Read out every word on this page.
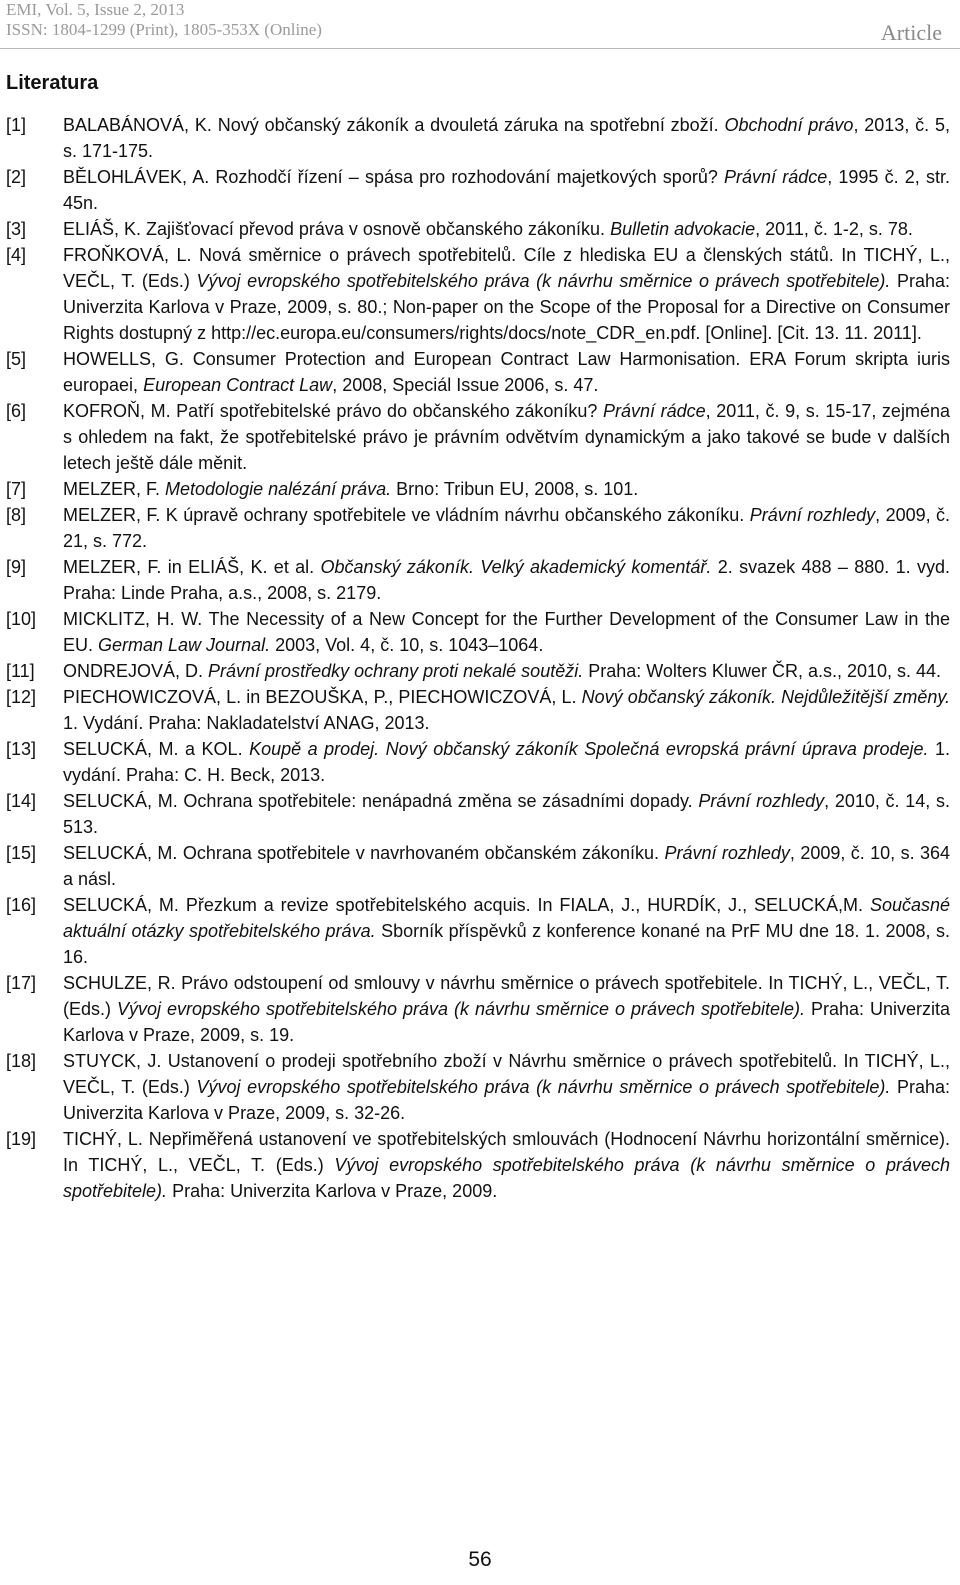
EMI, Vol. 5, Issue 2, 2013
ISSN: 1804-1299 (Print), 1805-353X (Online)	Article
Literatura
[1] BALABÁNOVÁ, K. Nový občanský zákoník a dvouletá záruka na spotřební zboží. Obchodní právo, 2013, č. 5, s. 171-175.
[2] BĚLOHLÁVEK, A. Rozhodčí řízení – spása pro rozhodování majetkových sporů? Právní rádce, 1995 č. 2, str. 45n.
[3] ELIÁŠ, K. Zajišťovací převod práva v osnově občanského zákoníku. Bulletin advokacie, 2011, č. 1-2, s. 78.
[4] FROŇKOVÁ, L. Nová směrnice o právech spotřebitelů. Cíle z hlediska EU a členských států. In TICHÝ, L., VEČL, T. (Eds.) Vývoj evropského spotřebitelského práva (k návrhu směrnice o právech spotřebitele). Praha: Univerzita Karlova v Praze, 2009, s. 80.; Non-paper on the Scope of the Proposal for a Directive on Consumer Rights dostupný z http://ec.europa.eu/consumers/rights/docs/note_CDR_en.pdf. [Online]. [Cit. 13. 11. 2011].
[5] HOWELLS, G. Consumer Protection and European Contract Law Harmonisation. ERA Forum skripta iuris europaei, European Contract Law, 2008, Speciál Issue 2006, s. 47.
[6] KOFROŇ, M. Patří spotřebitelské právo do občanského zákoníku? Právní rádce, 2011, č. 9, s. 15-17, zejména s ohledem na fakt, že spotřebitelské právo je právním odvětvím dynamickým a jako takové se bude v dalších letech ještě dále měnit.
[7] MELZER, F. Metodologie nalézání práva. Brno: Tribun EU, 2008, s. 101.
[8] MELZER, F. K úpravě ochrany spotřebitele ve vládním návrhu občanského zákoníku. Právní rozhledy, 2009, č. 21, s. 772.
[9] MELZER, F. in ELIÁŠ, K. et al. Občanský zákoník. Velký akademický komentář. 2. svazek 488 – 880. 1. vyd. Praha: Linde Praha, a.s., 2008, s. 2179.
[10] MICKLITZ, H. W. The Necessity of a New Concept for the Further Development of the Consumer Law in the EU. German Law Journal. 2003, Vol. 4, č. 10, s. 1043–1064.
[11] ONDREJOVÁ, D. Právní prostředky ochrany proti nekalé soutěži. Praha: Wolters Kluwer ČR, a.s., 2010, s. 44.
[12] PIECHOWICZOVÁ, L. in BEZOUŠKA, P., PIECHOWICZOVÁ, L. Nový občanský zákoník. Nejdůležitější změny. 1. Vydání. Praha: Nakladatelství ANAG, 2013.
[13] SELUCKÁ, M. a KOL. Koupě a prodej. Nový občanský zákoník Společná evropská právní úprava prodeje. 1. vydání. Praha: C. H. Beck, 2013.
[14] SELUCKÁ, M. Ochrana spotřebitele: nenápadná změna se zásadními dopady. Právní rozhledy, 2010, č. 14, s. 513.
[15] SELUCKÁ, M. Ochrana spotřebitele v navrhovaném občanském zákoníku. Právní rozhledy, 2009, č. 10, s. 364 a násl.
[16] SELUCKÁ, M. Přezkum a revize spotřebitelského acquis. In FIALA, J., HURDÍK, J., SELUCKÁ,M. Současné aktuální otázky spotřebitelského práva. Sborník příspěvků z konference konané na PrF MU dne 18. 1. 2008, s. 16.
[17] SCHULZE, R. Právo odstoupení od smlouvy v návrhu směrnice o právech spotřebitele. In TICHÝ, L., VEČL, T. (Eds.) Vývoj evropského spotřebitelského práva (k návrhu směrnice o právech spotřebitele). Praha: Univerzita Karlova v Praze, 2009, s. 19.
[18] STUYCK, J. Ustanovení o prodeji spotřebního zboží v Návrhu směrnice o právech spotřebitelů. In TICHÝ, L., VEČL, T. (Eds.) Vývoj evropského spotřebitelského práva (k návrhu směrnice o právech spotřebitele). Praha: Univerzita Karlova v Praze, 2009, s. 32-26.
[19] TICHÝ, L. Nepřiměřená ustanovení ve spotřebitelských smlouvách (Hodnocení Návrhu horizontální směrnice). In TICHÝ, L., VEČL, T. (Eds.) Vývoj evropského spotřebitelského práva (k návrhu směrnice o právech spotřebitele). Praha: Univerzita Karlova v Praze, 2009.
56
